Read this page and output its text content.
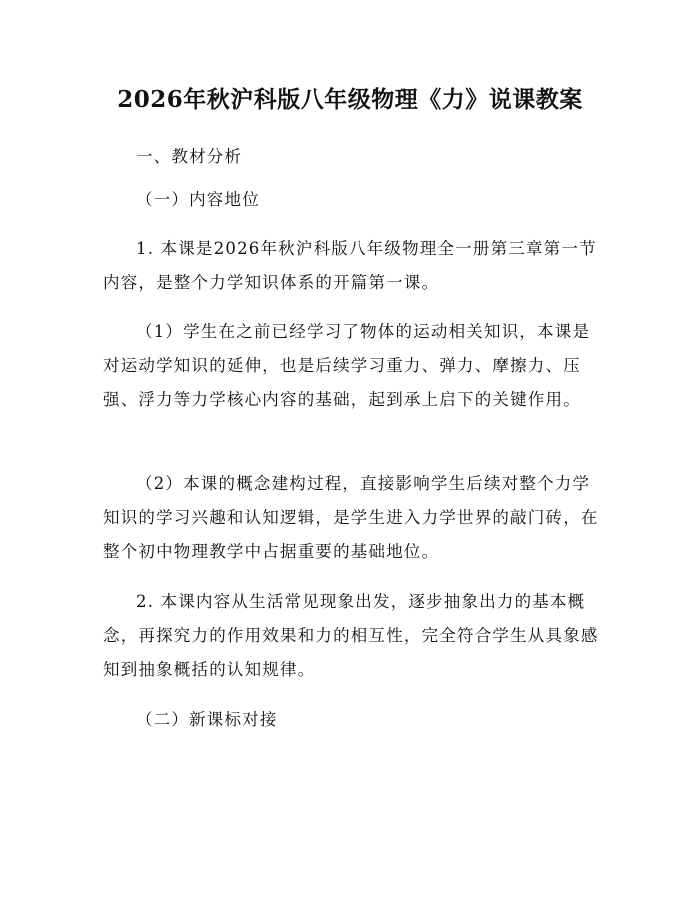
2026年秋沪科版八年级物理《力》说课教案

一、教材分析

（一）内容地位

1. 本课是2026年秋沪科版八年级物理全一册第三章第一节内容，是整个力学知识体系的开篇第一课。

（1）学生在之前已经学习了物体的运动相关知识，本课是对运动学知识的延伸，也是后续学习重力、弹力、摩擦力、压强、浮力等力学核心内容的基础，起到承上启下的关键作用。

（2）本课的概念建构过程，直接影响学生后续对整个力学知识的学习兴趣和认知逻辑，是学生进入力学世界的敲门砖，在整个初中物理教学中占据重要的基础地位。

2. 本课内容从生活常见现象出发，逐步抽象出力的基本概念，再探究力的作用效果和力的相互性，完全符合学生从具象感知到抽象概括的认知规律。

（二）新课标对接
